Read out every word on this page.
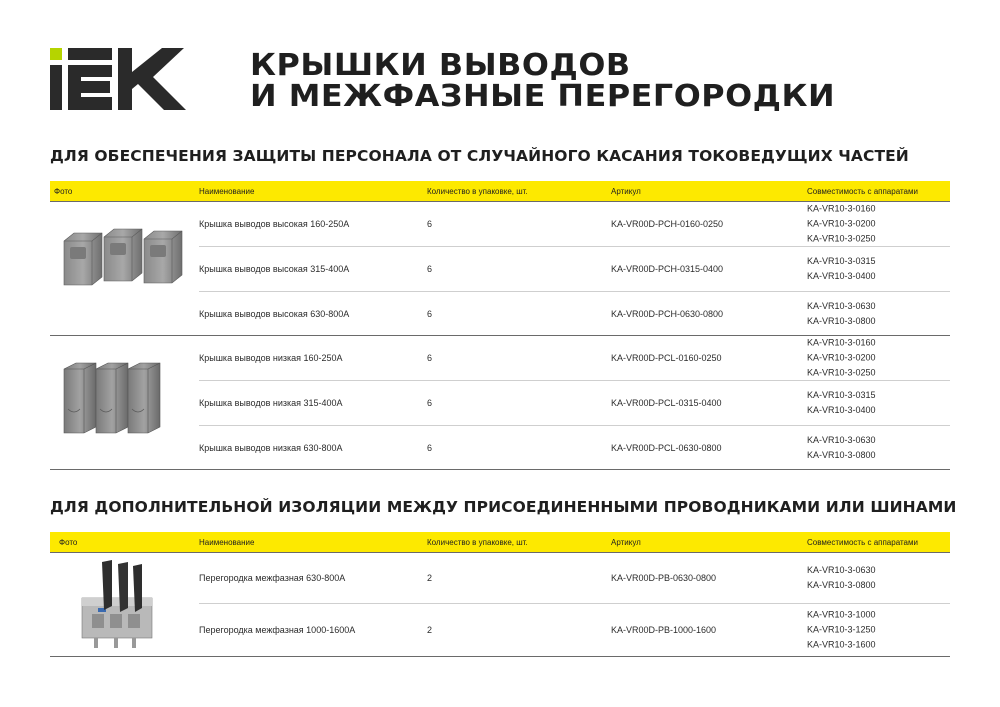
КРЫШКИ ВЫВОДОВ
И МЕЖФАЗНЫЕ ПЕРЕГОРОДКИ
ДЛЯ ОБЕСПЕЧЕНИЯ ЗАЩИТЫ ПЕРСОНАЛА ОТ СЛУЧАЙНОГО КАСАНИЯ ТОКОВЕДУЩИХ ЧАСТЕЙ
Фото	Наименование	Количество в упаковке, шт.	Артикул	Совместимость с аппаратами
Крышка выводов высокая 160-250А	6	KA-VR00D-PCH-0160-0250
KA-VR10-3-0160
KA-VR10-3-0200
KA-VR10-3-0250
Крышка выводов высокая 315-400А	6	KA-VR00D-PCH-0315-0400
KA-VR10-3-0315
KA-VR10-3-0400
Крышка выводов высокая 630-800А	6	KA-VR00D-PCH-0630-0800
KA-VR10-3-0630
KA-VR10-3-0800
Крышка выводов низкая 160-250А	6	KA-VR00D-PCL-0160-0250
KA-VR10-3-0160
KA-VR10-3-0200
KA-VR10-3-0250
Крышка выводов низкая 315-400А	6	KA-VR00D-PCL-0315-0400
KA-VR10-3-0315
KA-VR10-3-0400
Крышка выводов низкая 630-800А	6	KA-VR00D-PCL-0630-0800
KA-VR10-3-0630
KA-VR10-3-0800
ДЛЯ ДОПОЛНИТЕЛЬНОЙ ИЗОЛЯЦИИ МЕЖДУ ПРИСОЕДИНЕННЫМИ ПРОВОДНИКАМИ ИЛИ ШИНАМИ
Фото	Наименование	Количество в упаковке, шт.	Артикул	Совместимость с аппаратами
Перегородка межфазная 630-800А	2	KA-VR00D-PB-0630-0800
KA-VR10-3-0630
KA-VR10-3-0800
Перегородка межфазная 1000-1600А	2	KA-VR00D-PB-1000-1600
KA-VR10-3-1000
KA-VR10-3-1250
KA-VR10-3-1600
